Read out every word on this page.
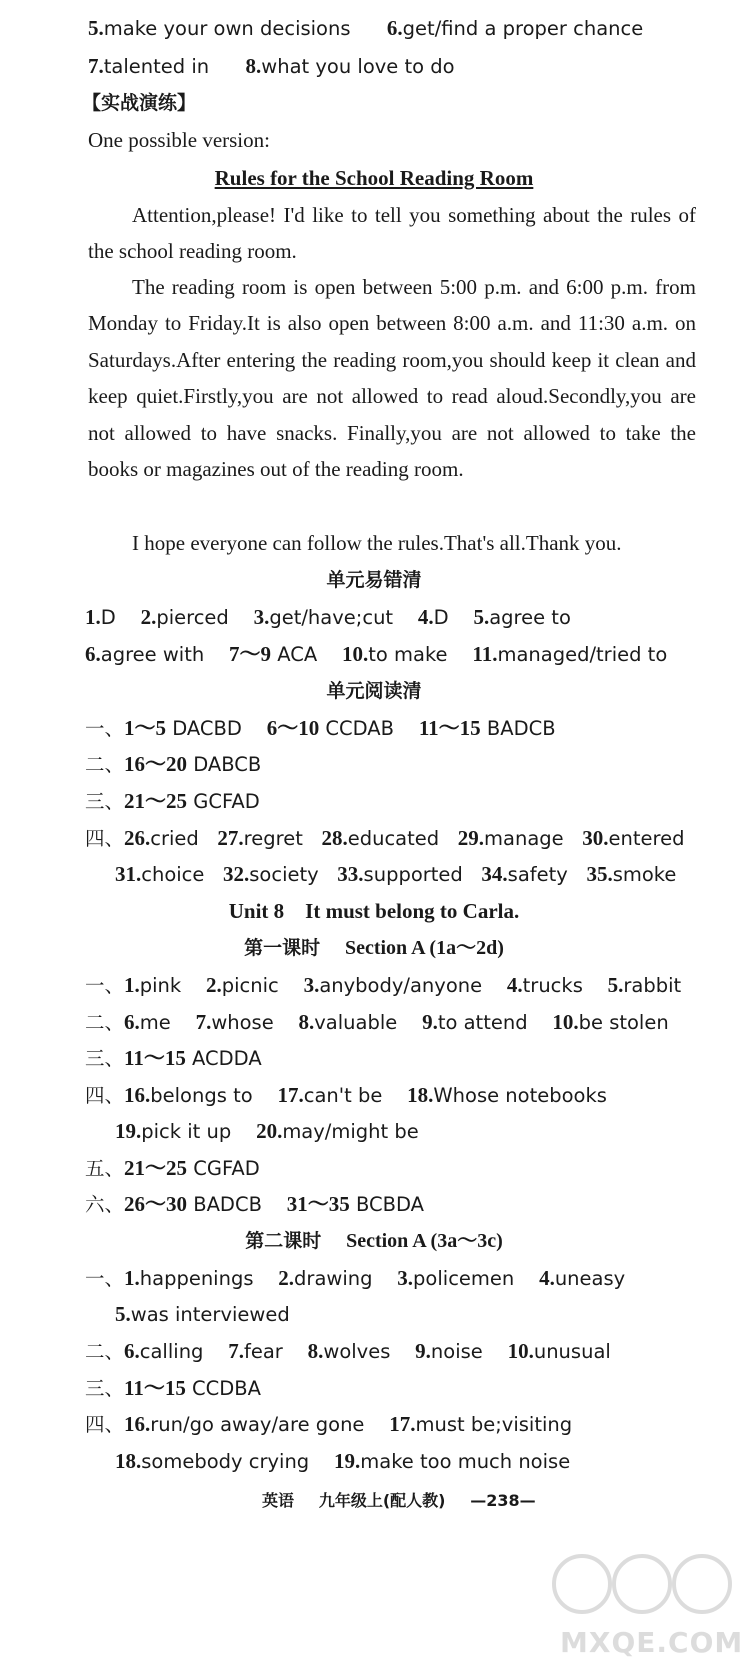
5.make your own decisions 6.get/find a proper chance
7.talented in 8.what you love to do
【实战演练】
One possible version:
Rules for the School Reading Room
Attention,please! I'd like to tell you something about the rules of the school reading room.
The reading room is open between 5:00 p.m. and 6:00 p.m. from Monday to Friday.It is also open between 8:00 a.m. and 11:30 a.m. on Saturdays.After entering the reading room,you should keep it clean and keep quiet.Firstly,you are not allowed to read aloud.Secondly,you are not allowed to have snacks. Finally,you are not allowed to take the books or magazines out of the reading room.
I hope everyone can follow the rules.That's all.Thank you.
单元易错清
1.D 2.pierced 3.get/have;cut 4.D 5.agree to
6.agree with 7～9 ACA 10.to make 11.managed/tried to
单元阅读清
一、1～5 DACBD 6～10 CCDAB 11～15 BADCB
二、16～20 DABCB
三、21～25 GCFAD
四、26.cried 27.regret 28.educated 29.manage 30.entered
31.choice 32.society 33.supported 34.safety 35.smoke
Unit 8    It must belong to Carla.
第一课时 Section A (1a～2d)
一、1.pink 2.picnic 3.anybody/anyone 4.trucks 5.rabbit
二、6.me 7.whose 8.valuable 9.to attend 10.be stolen
三、11～15 ACDDA
四、16.belongs to 17.can't be 18.Whose notebooks
19.pick it up 20.may/might be
五、21～25 CGFAD
六、26～30 BADCB 31～35 BCBDA
第二课时 Section A (3a～3c)
一、1.happenings 2.drawing 3.policemen 4.uneasy
5.was interviewed
二、6.calling 7.fear 8.wolves 9.noise 10.unusual
三、11～15 CCDBA
四、16.run/go away/are gone 17.must be;visiting
18.somebody crying 19.make too much noise
英语 九年级上(配人教) —238—
MXQE.COM
